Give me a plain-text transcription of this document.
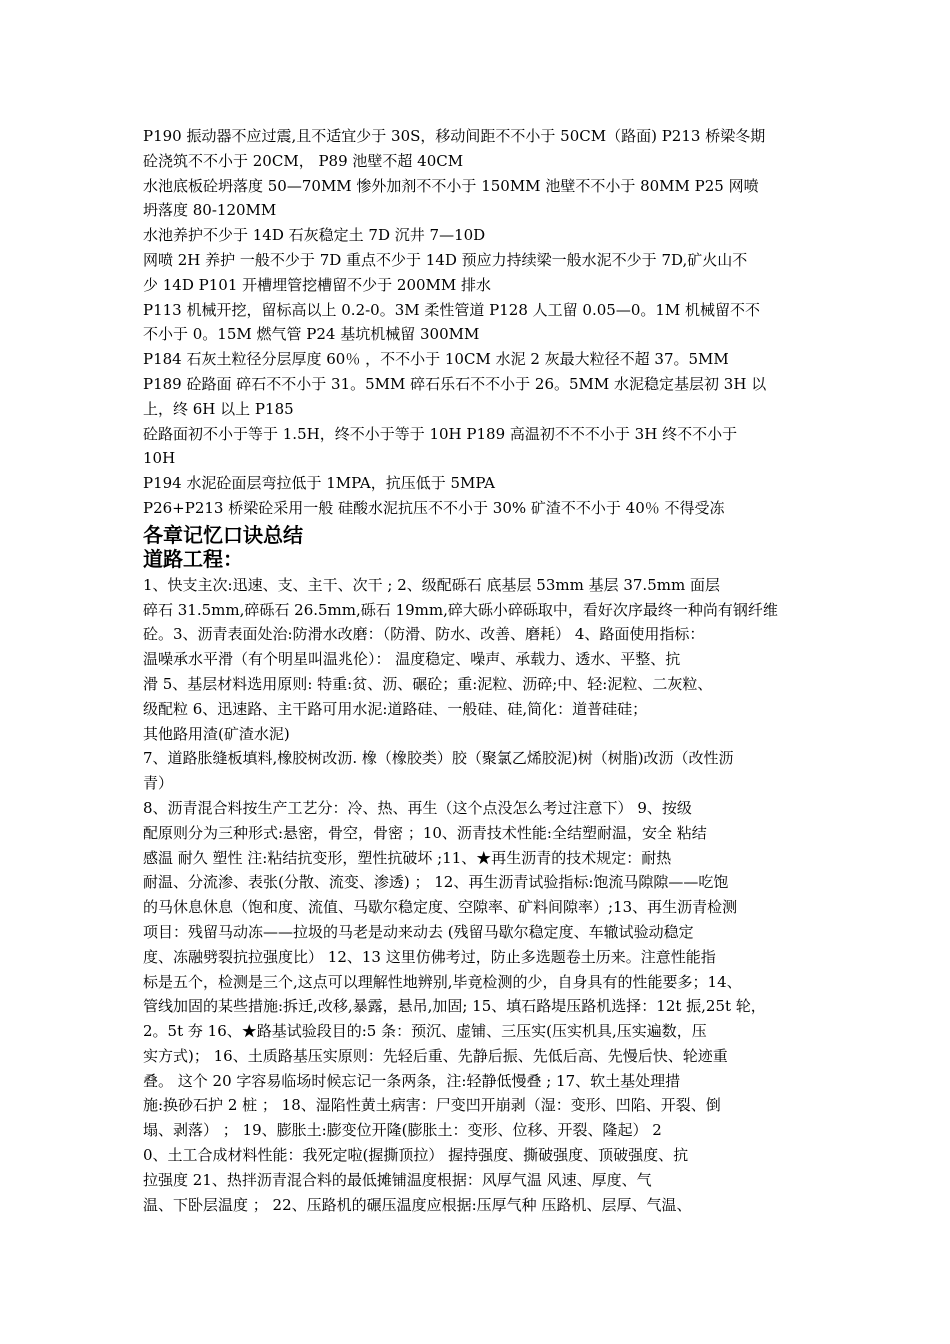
P190 振动器不应过震,且不适宜少于 30S，移动间距不不小于 50CM（路面) P213 桥梁冬期
砼浇筑不不小于 20CM， P89 池壁不超 40CM
水池底板砼坍落度 50—70MM 惨外加剂不不小于 150MM 池壁不不小于 80MM P25 网喷
坍落度 80-120MM
水池养护不少于 14D 石灰稳定土 7D 沉井 7—10D
网喷 2H 养护 一般不少于 7D 重点不少于 14D 预应力持续梁一般水泥不少于 7D,矿火山不
少 14D P101 开槽埋管挖槽留不少于 200MM 排水
P113 机械开挖，留标高以上 0.2-0。3M 柔性管道 P128 人工留 0.05—0。1M 机械留不不
不小于 0。15M 燃气管 P24 基坑机械留 300MM
P184 石灰土粒径分层厚度 60％ ，不不小于 10CM 水泥 2 灰最大粒径不超 37。5MM
P189 砼路面 碎石不不小于 31。5MM 碎石乐石不不小于 26。5MM 水泥稳定基层初 3H 以
上，终 6H 以上 P185
砼路面初不小于等于 1.5H，终不小于等于 10H P189 高温初不不不小于 3H 终不不小于
10H
P194 水泥砼面层弯拉低于 1MPA，抗压低于 5MPA
P26+P213 桥梁砼采用一般 硅酸水泥抗压不不小于 30% 矿渣不不小于 40％ 不得受冻
各章记忆口诀总结
道路工程：
1、快支主次:迅速、支、主干、次干 ; 2、级配砾石 底基层 53mm 基层 37.5mm 面层
碎石 31.5mm,碎砾石 26.5mm,砾石 19mm,碎大砾小碎砾取中，看好次序最终一种尚有钢纤维
砼。3、沥青表面处治:防滑水改磨：（防滑、防水、改善、磨耗） 4、路面使用指标：
温噪承水平滑（有个明星叫温兆伦）： 温度稳定、噪声、承载力、透水、平整、抗
滑 5、基层材料选用原则: 特重:贫、沥、碾砼；重:泥粒、沥碎;中、轻:泥粒、二灰粒、
级配粒 6、迅速路、主干路可用水泥:道路硅、一般硅、硅,简化：道普硅硅；
其他路用渣(矿渣水泥)
7、道路胀缝板填料,橡胶树改沥. 橡（橡胶类）胶（聚氯乙烯胶泥)树（树脂)改沥（改性沥
青）
8、沥青混合料按生产工艺分：冷、热、再生（这个点没怎么考过注意下） 9、按级
配原则分为三种形式:悬密，骨空，骨密 ；10、沥青技术性能:全结塑耐温，安全 粘结
感温 耐久 塑性 注:粘结抗变形，塑性抗破坏 ;11、★再生沥青的技术规定：耐热
耐温、分流渗、表张(分散、流变、渗透) ； 12、再生沥青试验指标:饱流马隙隙——吃饱
的马休息休息（饱和度、流值、马歇尔稳定度、空隙率、矿料间隙率）;13、再生沥青检测
项目：残留马动冻——拉圾的马老是动来动去 (残留马歇尔稳定度、车辙试验动稳定
度、冻融劈裂抗拉强度比） 12、13 这里仿佛考过，防止多选题卷土历来。注意性能指
标是五个，检测是三个,这点可以理解性地辨别,毕竟检测的少，自身具有的性能要多；14、
管线加固的某些措施:拆迁,改移,暴露，悬吊,加固; 15、填石路堤压路机选择：12t 振,25t 轮，
2。5t 夯 16、★路基试验段目的:5 条：预沉、虚铺、三压实(压实机具,压实遍数，压
实方式)； 16、土质路基压实原则：先轻后重、先静后振、先低后高、先慢后快、轮迹重
叠。 这个 20 字容易临场时候忘记一条两条，注:轻静低慢叠 ; 17、软土基处理措
施:换砂石护 2 桩 ； 18、湿陷性黄土病害：尸变凹开崩剥（湿：变形、凹陷、开裂、倒
塌、剥落） ； 19、膨胀土:膨变位开隆(膨胀土：变形、位移、开裂、隆起） 2
0、土工合成材料性能：我死定啦(握撕顶拉） 握持强度、撕破强度、顶破强度、抗
拉强度 21、热拌沥青混合料的最低摊铺温度根据：风厚气温 风速、厚度、气
温、下卧层温度 ； 22、压路机的碾压温度应根据:压厚气种 压路机、层厚、气温、
